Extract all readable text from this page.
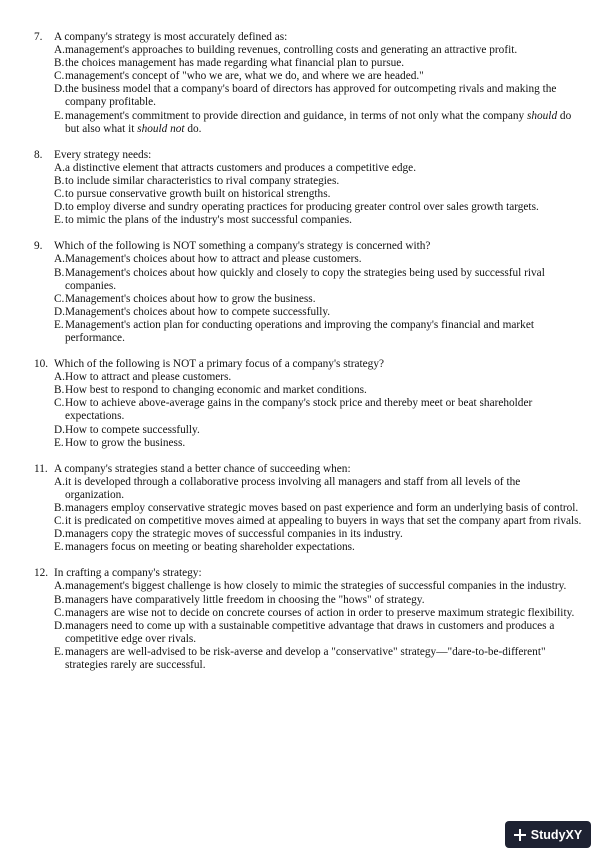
7.	A company's strategy is most accurately defined as:
A. management's approaches to building revenues, controlling costs and generating an attractive profit.
B. the choices management has made regarding what financial plan to pursue.
C. management's concept of "who we are, what we do, and where we are headed."
D. the business model that a company's board of directors has approved for outcompeting rivals and making the company profitable.
E. management's commitment to provide direction and guidance, in terms of not only what the company should do but also what it should not do.
8.	Every strategy needs:
A. a distinctive element that attracts customers and produces a competitive edge.
B. to include similar characteristics to rival company strategies.
C. to pursue conservative growth built on historical strengths.
D. to employ diverse and sundry operating practices for producing greater control over sales growth targets.
E. to mimic the plans of the industry's most successful companies.
9.	Which of the following is NOT something a company's strategy is concerned with?
A. Management's choices about how to attract and please customers.
B. Management's choices about how quickly and closely to copy the strategies being used by successful rival companies.
C. Management's choices about how to grow the business.
D. Management's choices about how to compete successfully.
E. Management's action plan for conducting operations and improving the company's financial and market performance.
10. Which of the following is NOT a primary focus of a company's strategy?
A. How to attract and please customers.
B. How best to respond to changing economic and market conditions.
C. How to achieve above-average gains in the company's stock price and thereby meet or beat shareholder expectations.
D. How to compete successfully.
E. How to grow the business.
11. A company's strategies stand a better chance of succeeding when:
A. it is developed through a collaborative process involving all managers and staff from all levels of the organization.
B. managers employ conservative strategic moves based on past experience and form an underlying basis of control.
C. it is predicated on competitive moves aimed at appealing to buyers in ways that set the company apart from rivals.
D. managers copy the strategic moves of successful companies in its industry.
E. managers focus on meeting or beating shareholder expectations.
12. In crafting a company's strategy:
A. management's biggest challenge is how closely to mimic the strategies of successful companies in the industry.
B. managers have comparatively little freedom in choosing the "hows" of strategy.
C. managers are wise not to decide on concrete courses of action in order to preserve maximum strategic flexibility.
D. managers need to come up with a sustainable competitive advantage that draws in customers and produces a competitive edge over rivals.
E. managers are well-advised to be risk-averse and develop a "conservative" strategy—"dare-to-be-different" strategies rarely are successful.
StudyXY
